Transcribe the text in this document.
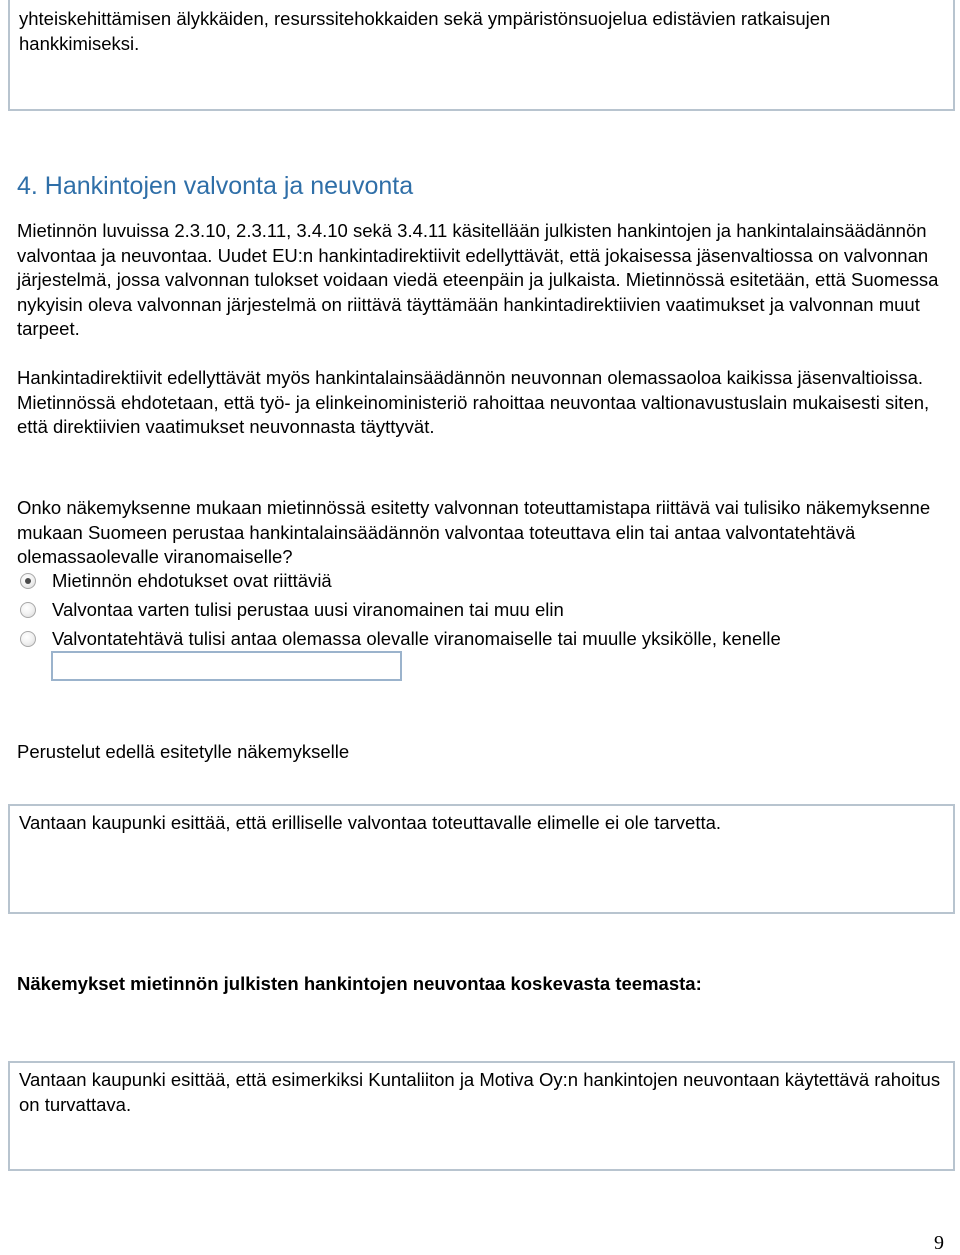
yhteiskehittämisen älykkäiden, resurssitehokkaiden sekä ympäristönsuojelua edistävien ratkaisujen hankkimiseksi.

4. Hankintojen valvonta ja neuvonta

Mietinnön luvuissa 2.3.10, 2.3.11, 3.4.10 sekä 3.4.11 käsitellään julkisten hankintojen ja hankintalainsäädännön valvontaa ja neuvontaa. Uudet EU:n hankintadirektiivit edellyttävät, että jokaisessa jäsenvaltiossa on valvonnan järjestelmä, jossa valvonnan tulokset voidaan viedä eteenpäin ja julkaista. Mietinnössä esitetään, että Suomessa nykyisin oleva valvonnan järjestelmä on riittävä täyttämään hankintadirektiivien vaatimukset ja valvonnan muut tarpeet.

Hankintadirektiivit edellyttävät myös hankintalainsäädännön neuvonnan olemassaoloa kaikissa jäsenvaltioissa. Mietinnössä ehdotetaan, että työ- ja elinkeinoministeriö rahoittaa neuvontaa valtionavustuslain mukaisesti siten, että direktiivien vaatimukset neuvonnasta täyttyvät.

Onko näkemyksenne mukaan mietinnössä esitetty valvonnan toteuttamistapa riittävä vai tulisiko näkemyksenne mukaan Suomeen perustaa hankintalainsäädännön valvontaa toteuttava elin tai antaa valvontatehtävä olemassaolevalle viranomaiselle?

Mietinnön ehdotukset ovat riittäviä
Valvontaa varten tulisi perustaa uusi viranomainen tai muu elin
Valvontatehtävä tulisi antaa olemassa olevalle viranomaiselle tai muulle yksikölle, kenelle

Perustelut edellä esitetylle näkemykselle

Vantaan kaupunki esittää, että erilliselle valvontaa toteuttavalle elimelle ei ole tarvetta.

Näkemykset mietinnön julkisten hankintojen neuvontaa koskevasta teemasta:

Vantaan kaupunki esittää, että esimerkiksi Kuntaliiton ja Motiva Oy:n hankintojen neuvontaan käytettävä rahoitus on turvattava.

9
